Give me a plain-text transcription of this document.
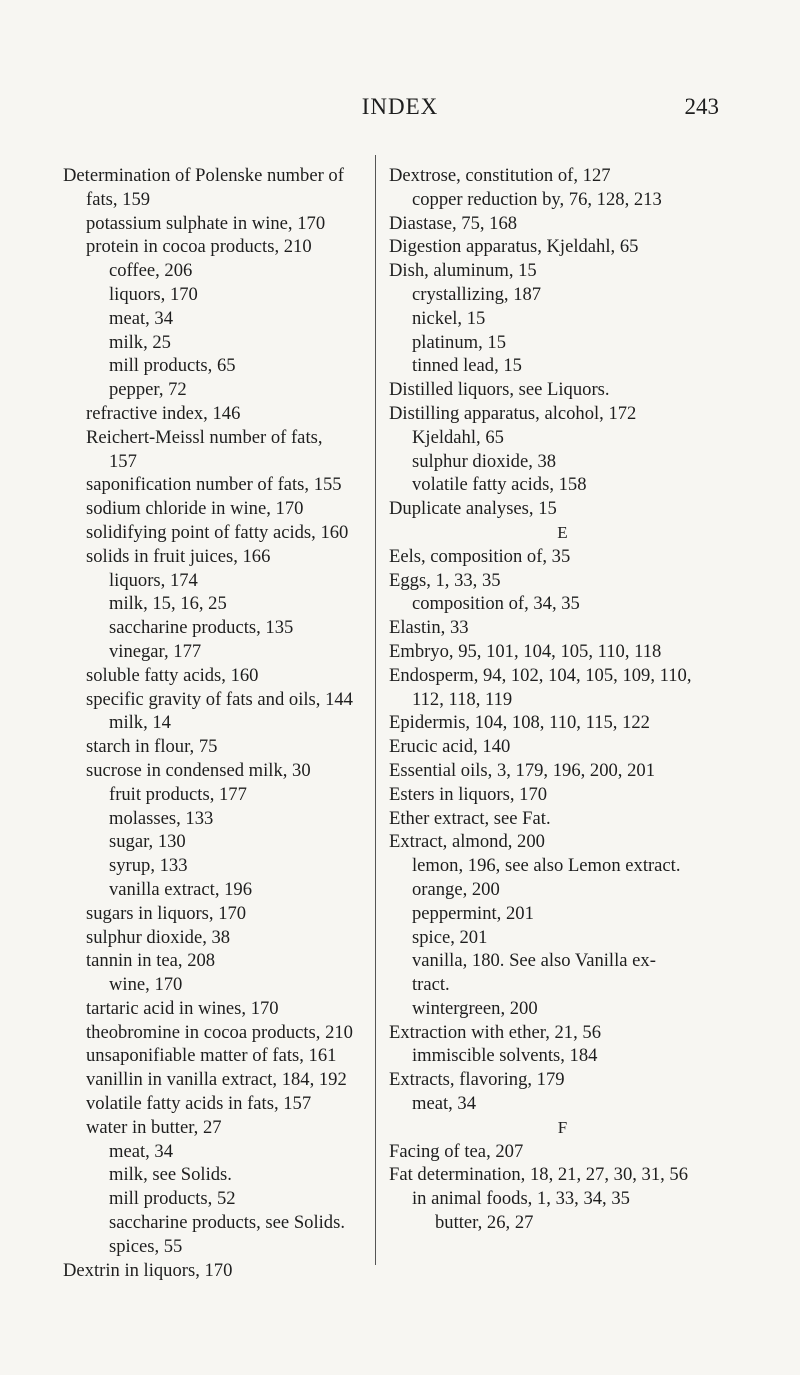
INDEX	243
Determination of Polenske number of
fats, 159
potassium sulphate in wine, 170
protein in cocoa products, 210
coffee, 206
liquors, 170
meat, 34
milk, 25
mill products, 65
pepper, 72
refractive index, 146
Reichert-Meissl number of fats,
157
saponification number of fats, 155
sodium chloride in wine, 170
solidifying point of fatty acids, 160
solids in fruit juices, 166
liquors, 174
milk, 15, 16, 25
saccharine products, 135
vinegar, 177
soluble fatty acids, 160
specific gravity of fats and oils, 144
milk, 14
starch in flour, 75
sucrose in condensed milk, 30
fruit products, 177
molasses, 133
sugar, 130
syrup, 133
vanilla extract, 196
sugars in liquors, 170
sulphur dioxide, 38
tannin in tea, 208
wine, 170
tartaric acid in wines, 170
theobromine in cocoa products, 210
unsaponifiable matter of fats, 161
vanillin in vanilla extract, 184, 192
volatile fatty acids in fats, 157
water in butter, 27
meat, 34
milk, see Solids.
mill products, 52
saccharine products, see Solids.
spices, 55
Dextrin in liquors, 170
Dextrose, constitution of, 127
copper reduction by, 76, 128, 213
Diastase, 75, 168
Digestion apparatus, Kjeldahl, 65
Dish, aluminum, 15
crystallizing, 187
nickel, 15
platinum, 15
tinned lead, 15
Distilled liquors, see Liquors.
Distilling apparatus, alcohol, 172
Kjeldahl, 65
sulphur dioxide, 38
volatile fatty acids, 158
Duplicate analyses, 15
E
Eels, composition of, 35
Eggs, 1, 33, 35
composition of, 34, 35
Elastin, 33
Embryo, 95, 101, 104, 105, 110, 118
Endosperm, 94, 102, 104, 105, 109, 110,
112, 118, 119
Epidermis, 104, 108, 110, 115, 122
Erucic acid, 140
Essential oils, 3, 179, 196, 200, 201
Esters in liquors, 170
Ether extract, see Fat.
Extract, almond, 200
lemon, 196, see also Lemon extract.
orange, 200
peppermint, 201
spice, 201
vanilla, 180. See also Vanilla ex-
tract.
wintergreen, 200
Extraction with ether, 21, 56
immiscible solvents, 184
Extracts, flavoring, 179
meat, 34
F
Facing of tea, 207
Fat determination, 18, 21, 27, 30, 31, 56
in animal foods, 1, 33, 34, 35
butter, 26, 27
